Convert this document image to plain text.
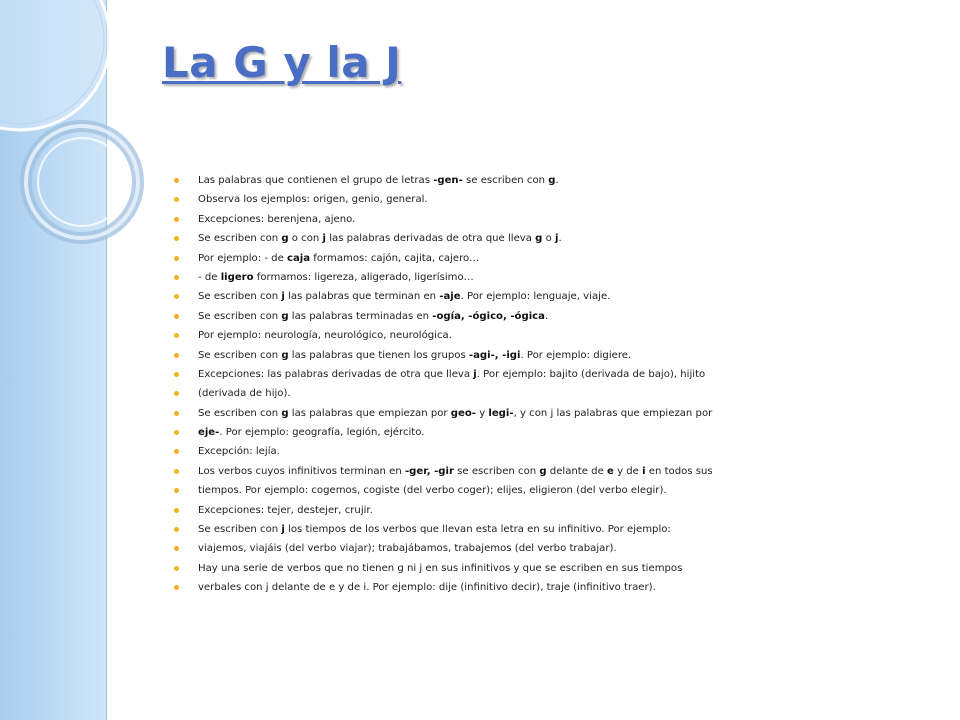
La G y la J
Las palabras que contienen el grupo de letras -gen- se escriben con g.
Observa los ejemplos: origen, genio, general.
Excepciones: berenjena, ajeno.
Se escriben con g o con j las palabras derivadas de otra que lleva g o j.
Por ejemplo: - de caja formamos: cajón, cajita, cajero…
- de ligero formamos: ligereza, aligerado, ligerísimo…
Se escriben con j las palabras que terminan en -aje. Por ejemplo: lenguaje, viaje.
Se escriben con g las palabras terminadas en -ogía, -ógico, -ógica.
Por ejemplo: neurología, neurológico, neurológica.
Se escriben con g las palabras que tienen los grupos -agi-, -igi. Por ejemplo: digiere.
Excepciones: las palabras derivadas de otra que lleva j. Por ejemplo: bajito (derivada de bajo), hijito
(derivada de hijo).
Se escriben con g las palabras que empiezan por geo- y legi-, y con j las palabras que empiezan por
eje-. Por ejemplo: geografía, legión, ejército.
Excepción: lejía.
Los verbos cuyos infinitivos terminan en -ger, -gir se escriben con g delante de e y de i en todos sus
tiempos. Por ejemplo: cogemos, cogiste (del verbo coger); elijes, eligieron (del verbo elegir).
Excepciones: tejer, destejer, crujir.
Se escriben con j los tiempos de los verbos que llevan esta letra en su infinitivo. Por ejemplo:
viajemos, viajáis (del verbo viajar); trabajábamos, trabajemos (del verbo trabajar).
Hay una serie de verbos que no tienen g ni j en sus infinitivos y que se escriben en sus tiempos
verbales con j delante de e y de i. Por ejemplo: dije (infinitivo decir), traje (infinitivo traer).
